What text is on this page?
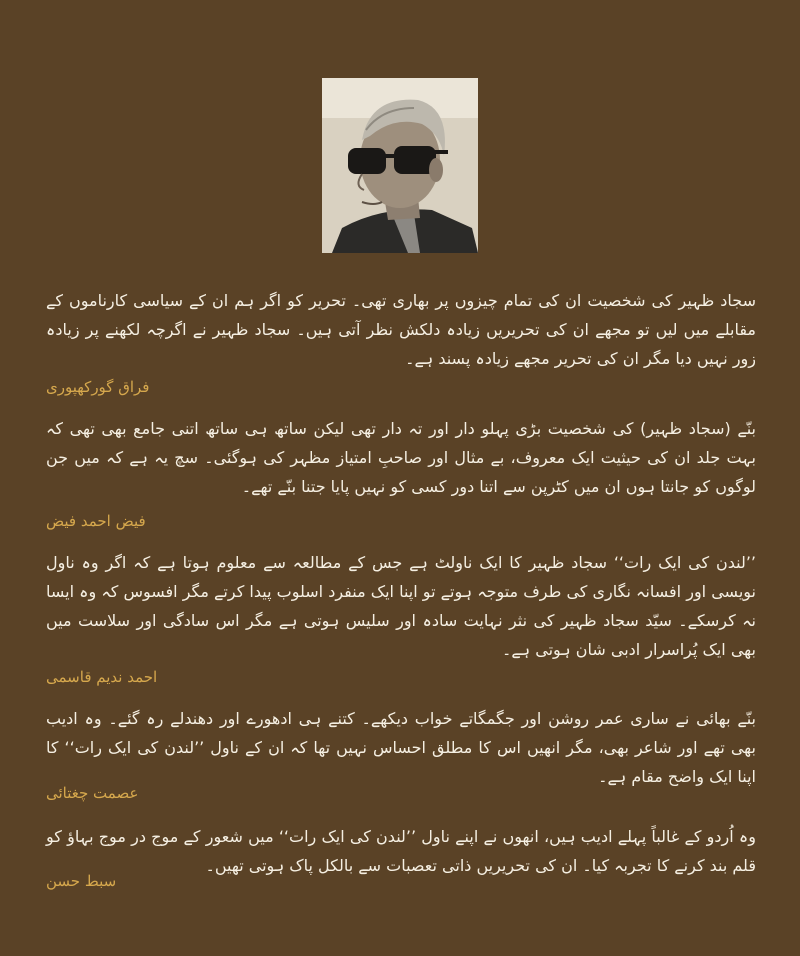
سجاد ظہیر کی شخصیت ان کی تمام چیزوں پر بھاری تھی۔ تحریر کو اگر ہم ان کے سیاسی کارناموں کے مقابلے میں لیں تو مجھے ان کی تحریریں زیادہ دلکش نظر آتی ہیں۔ سجاد ظہیر نے اگرچہ لکھنے پر زیادہ زور نہیں دیا مگر ان کی تحریر مجھے زیادہ پسند ہے۔

فراق گورکھپوری

بنّے (سجاد ظہیر) کی شخصیت بڑی پہلو دار اور تہ دار تھی لیکن ساتھ ہی ساتھ اتنی جامع بھی تھی کہ بہت جلد ان کی حیثیت ایک معروف، بے مثال اور صاحبِ امتیاز مظہر کی ہوگئی۔ سچ یہ ہے کہ میں جن لوگوں کو جانتا ہوں ان میں کٹرپن سے اتنا دور کسی کو نہیں پایا جتنا بنّے تھے۔

فیض احمد فیض

’’لندن کی ایک رات‘‘ سجاد ظہیر کا ایک ناولٹ ہے جس کے مطالعہ سے معلوم ہوتا ہے کہ اگر وہ ناول نویسی اور افسانہ نگاری کی طرف متوجہ ہوتے تو اپنا ایک منفرد اسلوب پیدا کرتے مگر افسوس کہ وہ ایسا نہ کرسکے۔ سیّد سجاد ظہیر کی نثر نہایت سادہ اور سلیس ہوتی ہے مگر اس سادگی اور سلاست میں بھی ایک پُراسرار ادبی شان ہوتی ہے۔

احمد ندیم قاسمی

بنّے بھائی نے ساری عمر روشن اور جگمگاتے خواب دیکھے۔ کتنے ہی ادھورے اور دھندلے رہ گئے۔ وہ ادیب بھی تھے اور شاعر بھی، مگر انھیں اس کا مطلق احساس نہیں تھا کہ ان کے ناول ’’لندن کی ایک رات‘‘ کا اپنا ایک واضح مقام ہے۔

عصمت چغتائی

وہ اُردو کے غالباً پہلے ادیب ہیں، انھوں نے اپنے ناول ’’لندن کی ایک رات‘‘ میں شعور کے موج در موج بہاؤ کو قلم بند کرنے کا تجربہ کیا۔ ان کی تحریریں ذاتی تعصبات سے بالکل پاک ہوتی تھیں۔

سبط حسن
